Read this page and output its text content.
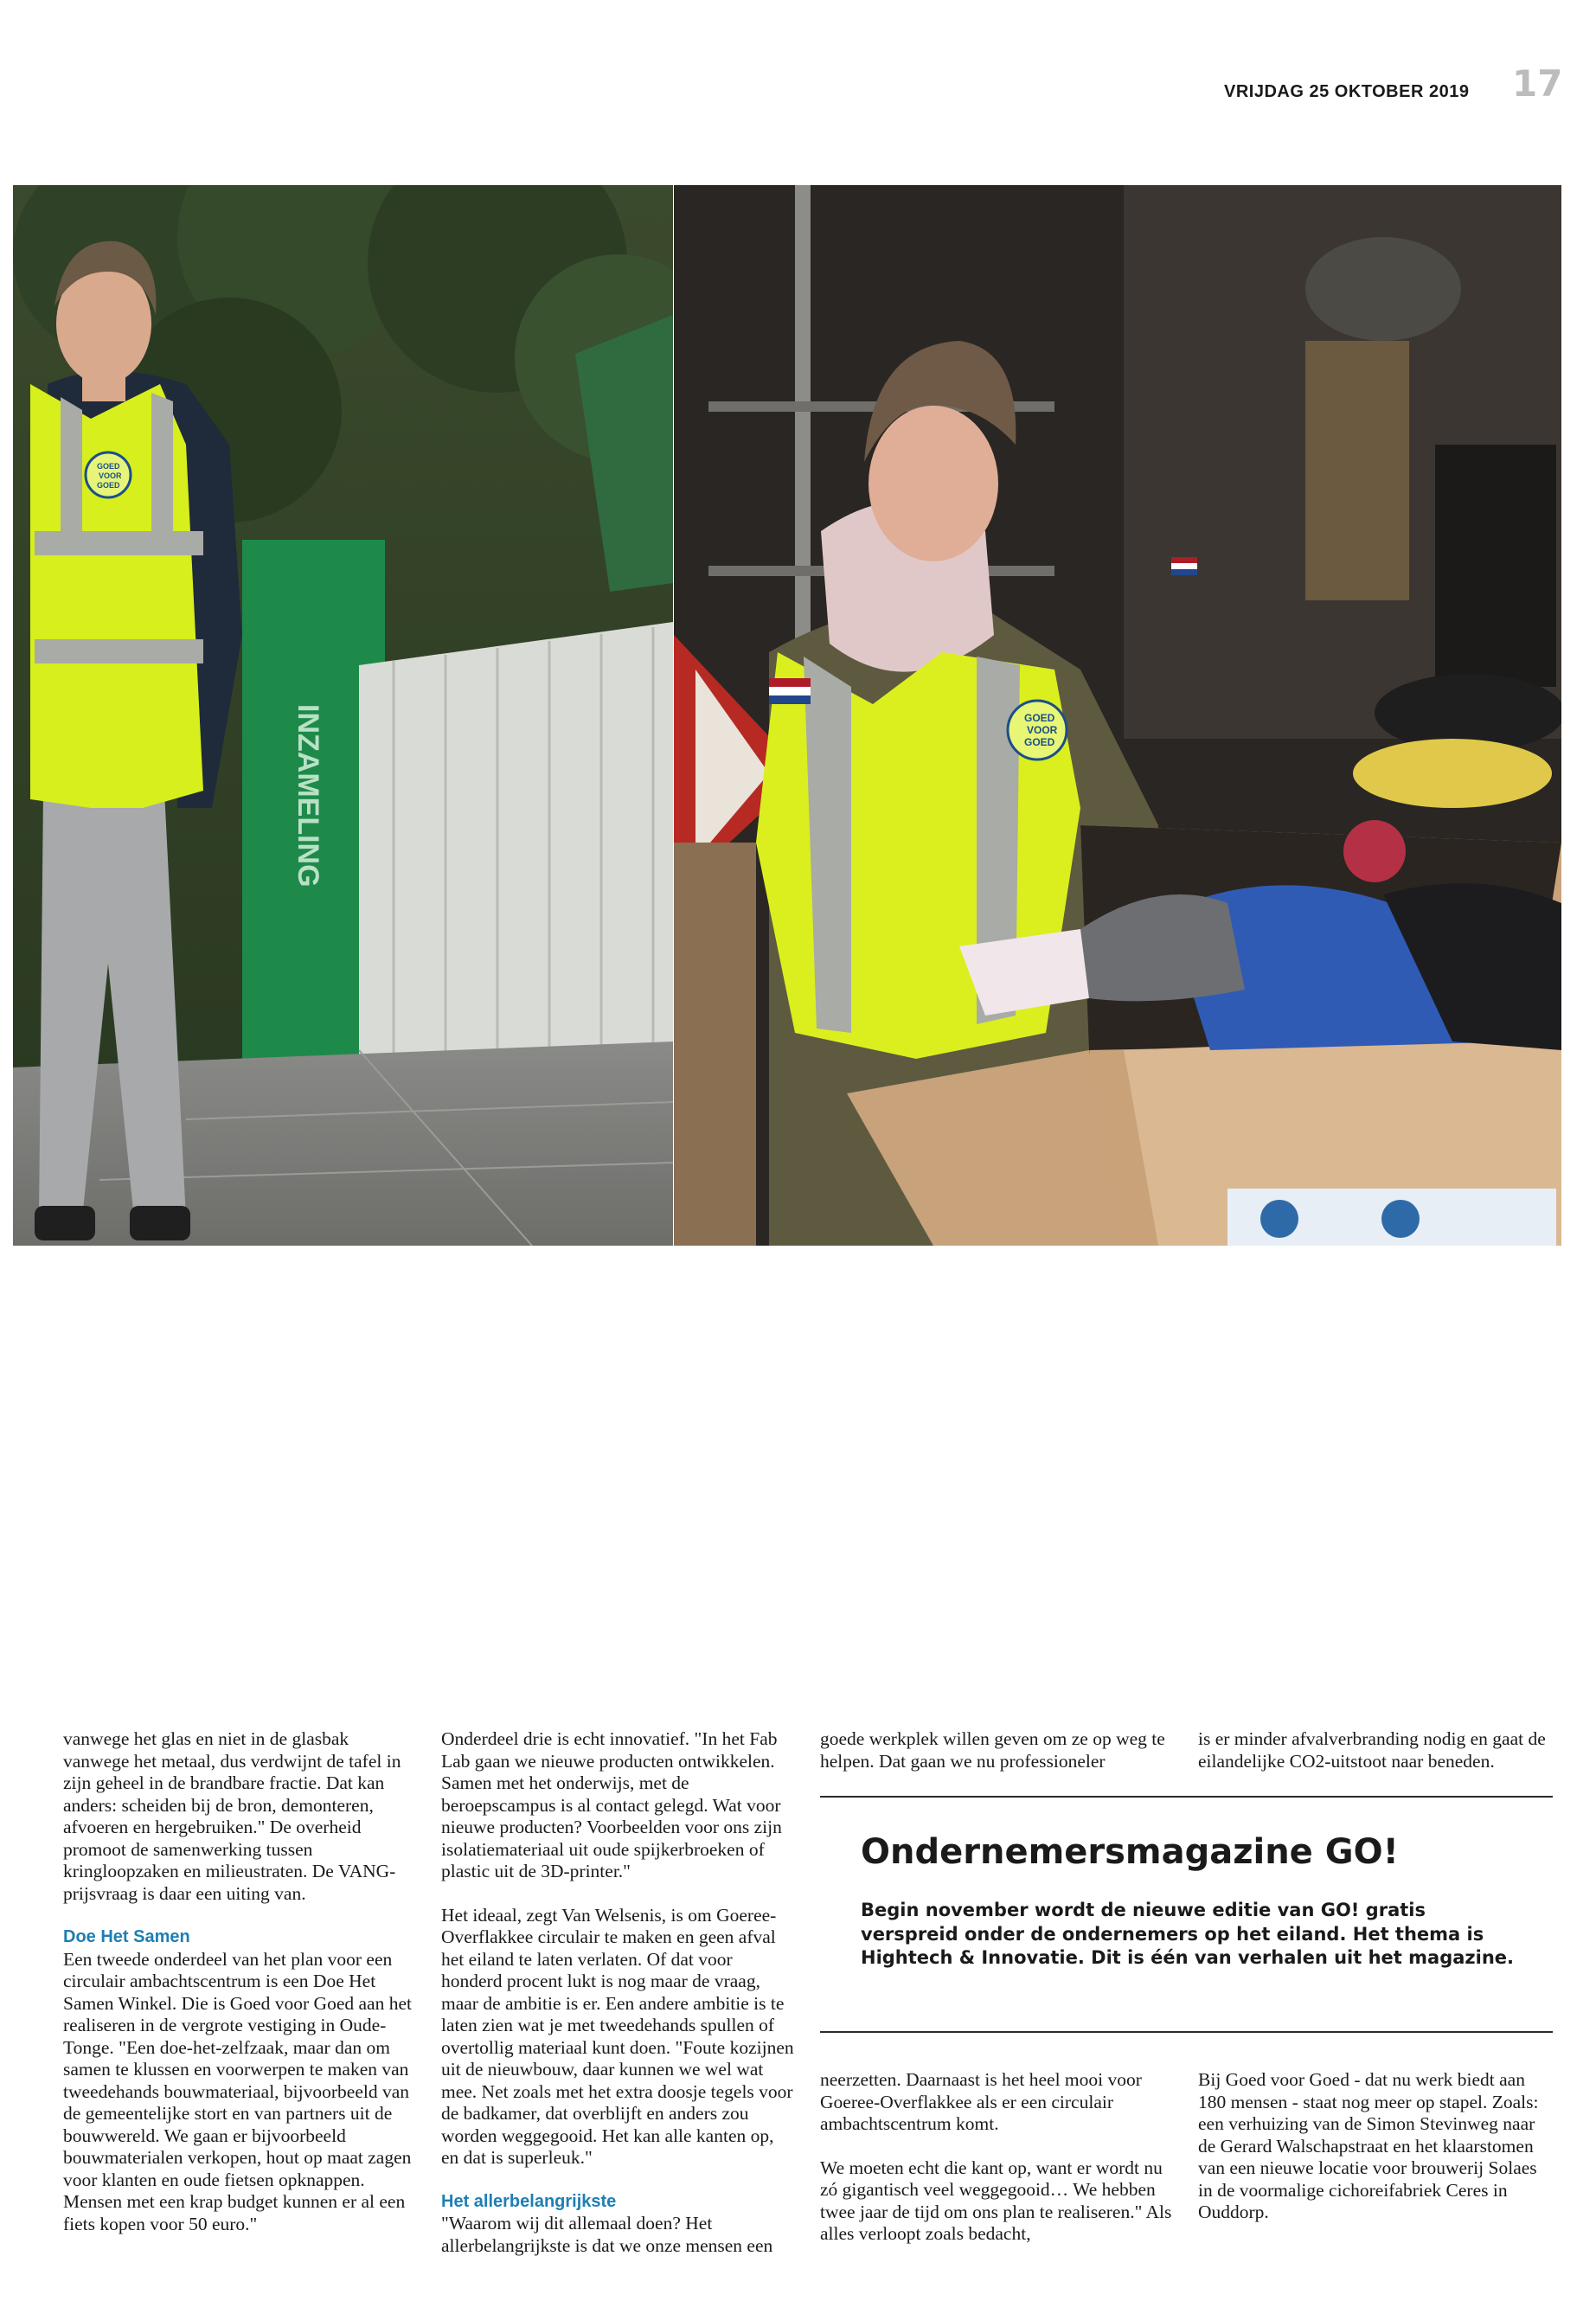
VRIJDAG 25 OKTOBER 2019 17
INZAMELING
GOED
VOOR
GOED
GOED
VOOR
GOED

vanwege het glas en niet in de glasbak vanwege het metaal, dus verdwijnt de tafel in zijn geheel in de brandbare fractie. Dat kan anders: scheiden bij de bron, demonteren, afvoeren en hergebruiken." De overheid promoot de samenwerking tussen kringloopzaken en milieustraten. De VANG-prijsvraag is daar een uiting van.

Doe Het Samen

Een tweede onderdeel van het plan voor een circulair ambachtscentrum is een Doe Het Samen Winkel. Die is Goed voor Goed aan het realiseren in de vergrote vestiging in Oude-Tonge. "Een doe-het-zelfzaak, maar dan om samen te klussen en voorwerpen te maken van tweedehands bouwmateriaal, bijvoorbeeld van de gemeentelijke stort en van partners uit de bouwwereld. We gaan er bijvoorbeeld bouwmaterialen verkopen, hout op maat zagen voor klanten en oude fietsen opknappen. Mensen met een krap budget kunnen er al een fiets kopen voor 50 euro."

Onderdeel drie is echt innovatief. "In het Fab Lab gaan we nieuwe producten ontwikkelen. Samen met het onderwijs, met de beroepscampus is al contact gelegd. Wat voor nieuwe producten? Voorbeelden voor ons zijn isolatiemateriaal uit oude spijkerbroeken of plastic uit de 3D-printer."

Het ideaal, zegt Van Welsenis, is om Goeree-Overflakkee circulair te maken en geen afval het eiland te laten verlaten. Of dat voor honderd procent lukt is nog maar de vraag, maar de ambitie is er. Een andere ambitie is te laten zien wat je met tweedehands spullen of overtollig materiaal kunt doen. "Foute kozijnen uit de nieuwbouw, daar kunnen we wel wat mee. Net zoals met het extra doosje tegels voor de badkamer, dat overblijft en anders zou worden weggegooid. Het kan alle kanten op, en dat is superleuk."

Het allerbelangrijkste

"Waarom wij dit allemaal doen? Het allerbelangrijkste is dat we onze mensen een

goede werkplek willen geven om ze op weg te helpen. Dat gaan we nu professioneler

is er minder afvalverbranding nodig en gaat de eilandelijke CO2-uitstoot naar beneden.

Ondernemersmagazine GO!
Begin november wordt de nieuwe editie van GO! gratis verspreid onder de ondernemers op het eiland. Het thema is Hightech & Innovatie. Dit is één van verhalen uit het magazine.

neerzetten. Daarnaast is het heel mooi voor Goeree-Overflakkee als er een circulair ambachtscentrum komt.

We moeten echt die kant op, want er wordt nu zó gigantisch veel weggegooid… We hebben twee jaar de tijd om ons plan te realiseren." Als alles verloopt zoals bedacht,

Bij Goed voor Goed - dat nu werk biedt aan 180 mensen - staat nog meer op stapel. Zoals: een verhuizing van de Simon Stevinweg naar de Gerard Walschapstraat en het klaarstomen van een nieuwe locatie voor brouwerij Solaes in de voormalige cichoreifabriek Ceres in Ouddorp.
